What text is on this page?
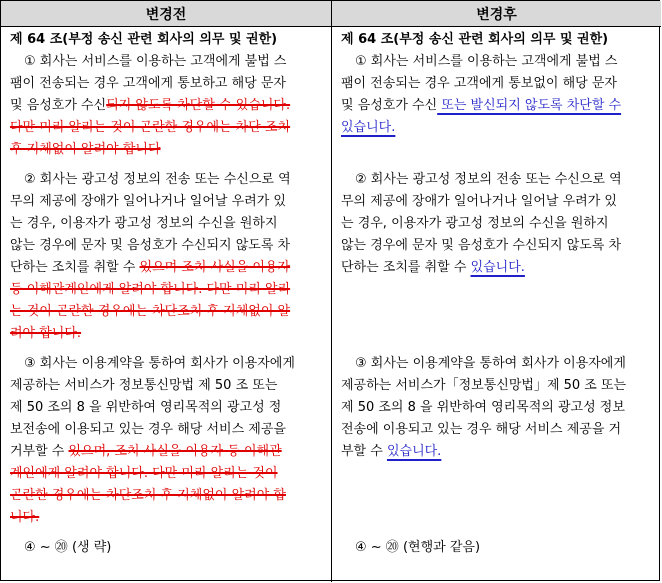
변경전	변경후
제 64 조(부정 송신 관련 회사의 의무 및 권한)
① 회사는 서비스를 이용하는 고객에게 불법 스
팸이 전송되는 경우 고객에게 통보하고 해당 문자
및 음성호가 수신되지 않도록 차단할 수 있습니다.
다만 미리 알리는 것이 곤란한 경우에는 차단 조치
후 지체없이 알려야 합니다
② 회사는 광고성 정보의 전송 또는 수신으로 역
무의 제공에 장애가 일어나거나 일어날 우려가 있
는 경우, 이용자가 광고성 정보의 수신을 원하지
않는 경우에 문자 및 음성호가 수신되지 않도록 차
단하는 조치를 취할 수 있으며 조치 사실을 이용자
등 이해관계인에게 알려야 합니다. 다만 미리 알리
는 것이 곤란한 경우에는 차단조치 후 지체없이 알
려야 합니다.
③ 회사는 이용계약을 통하여 회사가 이용자에게
제공하는 서비스가 정보통신망법 제 50 조 또는
제 50 조의 8 을 위반하여 영리목적의 광고성 정
보전송에 이용되고 있는 경우 해당 서비스 제공을
거부할 수 있으며, 조치 사실을 이용자 등 이해관
계인에게 알려야 합니다. 다만 미리 알리는 것이
곤란한 경우에는 차단조치 후 지체없이 알려야 합
니다.
④ ~ ⑳ (생 략)
제 64 조(부정 송신 관련 회사의 의무 및 권한)
① 회사는 서비스를 이용하는 고객에게 불법 스
팸이 전송되는 경우 고객에게 통보없이 해당 문자
및 음성호가 수신 또는 발신되지 않도록 차단할 수
있습니다.
② 회사는 광고성 정보의 전송 또는 수신으로 역
무의 제공에 장애가 일어나거나 일어날 우려가 있
는 경우, 이용자가 광고성 정보의 수신을 원하지
않는 경우에 문자 및 음성호가 수신되지 않도록 차
단하는 조치를 취할 수 있습니다.
③ 회사는 이용계약을 통하여 회사가 이용자에게
제공하는 서비스가「정보통신망법」제 50 조 또는
제 50 조의 8 을 위반하여 영리목적의 광고성 정보
전송에 이용되고 있는 경우 해당 서비스 제공을 거
부할 수 있습니다.
④ ~ ⑳ (현행과 같음)
